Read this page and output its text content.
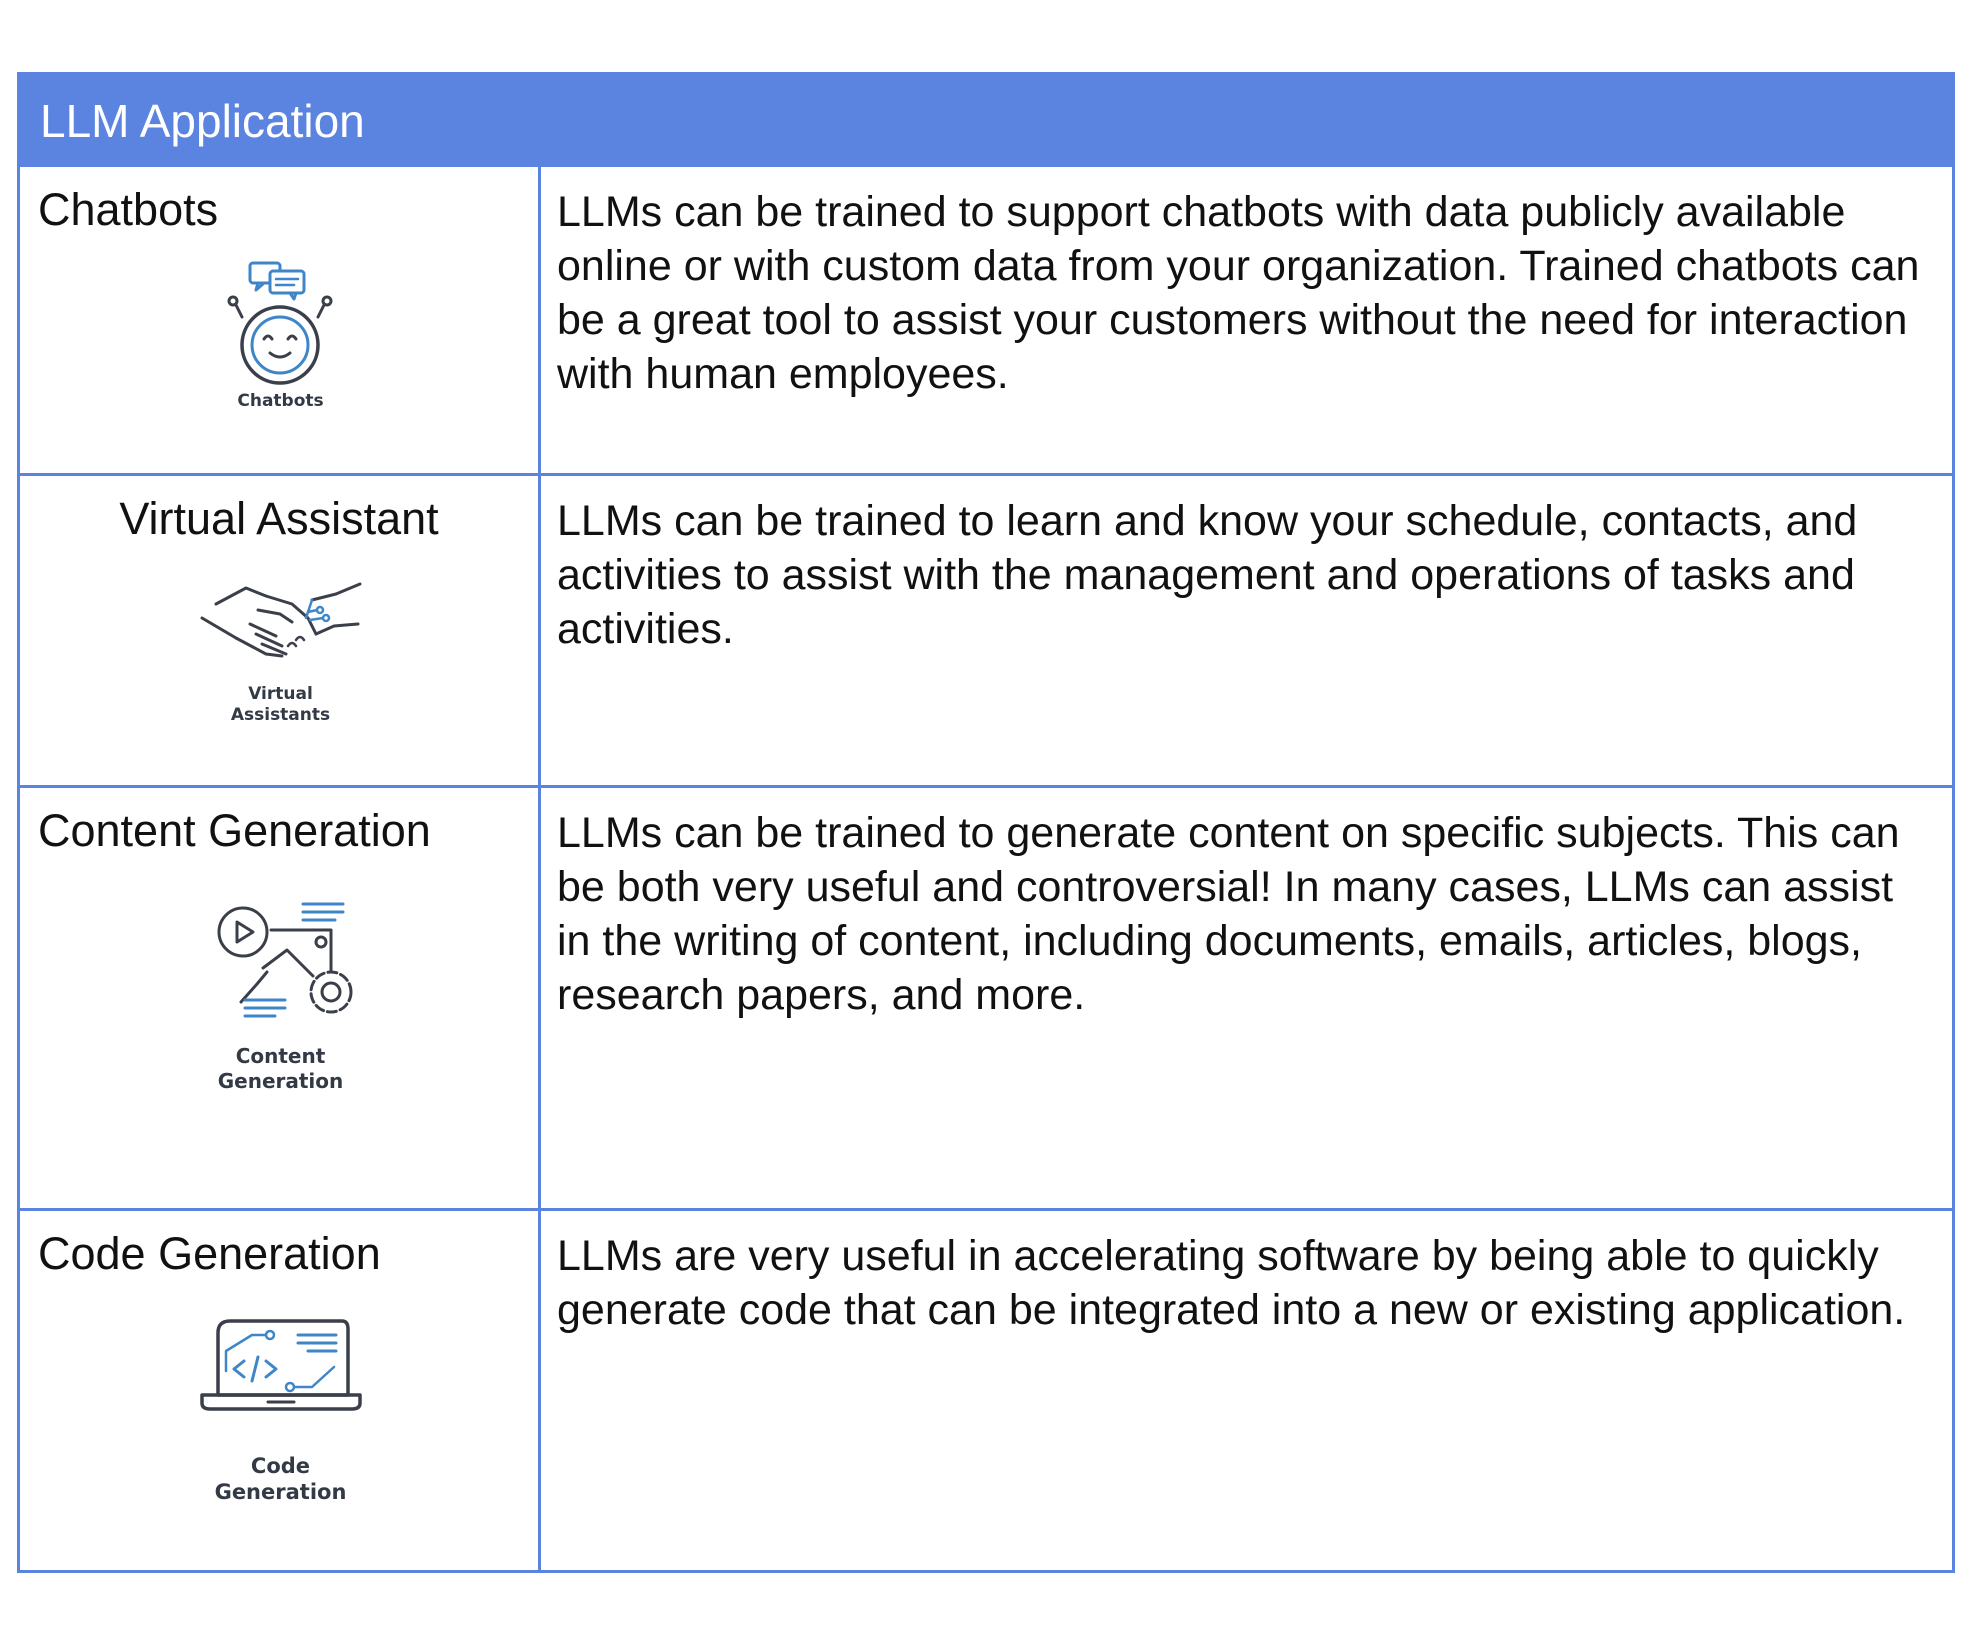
LLM Application
Chatbots
Chatbots
LLMs can be trained to support chatbots with data publicly available online or with custom data from your organization. Trained chatbots can be a great tool to assist your customers without the need for interaction with human employees.
Virtual Assistant
Virtual
Assistants
LLMs can be trained to learn and know your schedule, contacts, and activities to assist with the management and operations of tasks and activities.
Content Generation
Content
Generation
LLMs can be trained to generate content on specific subjects. This can be both very useful and controversial! In many cases, LLMs can assist in the writing of content, including documents, emails, articles, blogs, research papers, and more.
Code Generation
Code
Generation
LLMs are very useful in accelerating software by being able to quickly generate code that can be integrated into a new or existing application.
